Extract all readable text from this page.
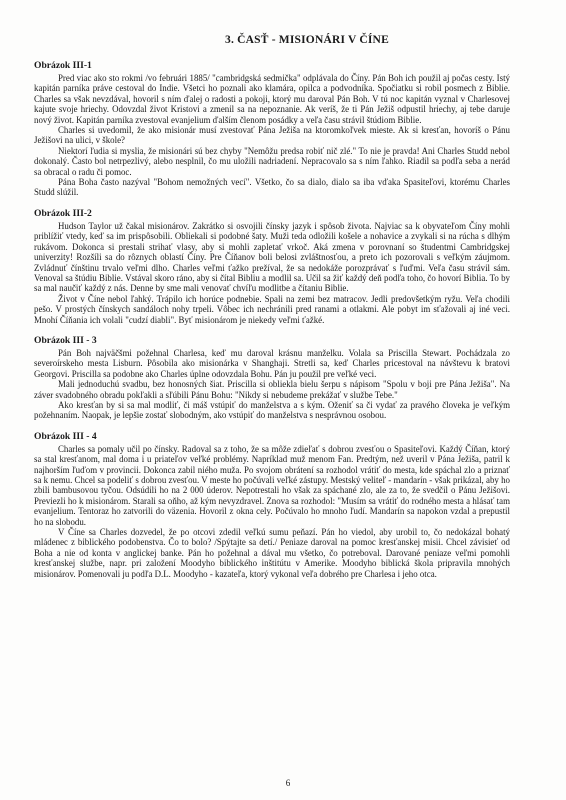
3. ČASŤ - MISIONÁRI V ČÍNE
Obrázok III-1

Pred viac ako sto rokmi /vo februári 1885/ "cambridgská sedmička" odplávala do Číny. Pán Boh ich použil aj počas cesty. Istý kapitán parníka práve cestoval do Indie. Všetci ho poznali ako klamára, opilca a podvodníka. Spočiatku si robil posmech z Biblie. Charles sa však nevzdával, hovoril s ním ďalej o radosti a pokoji, ktorý mu daroval Pán Boh. V tú noc kapitán vyznal v Charlesovej kajute svoje hriechy. Odovzdal život Kristovi a zmenil sa na nepoznanie. Ak veríš, že ti Pán Ježiš odpustil hriechy, aj tebe daruje nový život. Kapitán parníka zvestoval evanjelium ďalším členom posádky a veľa času strávil štúdiom Biblie.

Charles si uvedomil, že ako misionár musí zvestovať Pána Ježiša na ktoromkoľvek mieste. Ak si kresťan, hovoríš o Pánu Ježišovi na ulici, v škole?

Niektorí ľudia si myslia, že misionári sú bez chyby "Nemôžu predsa robiť nič zlé." To nie je pravda! Ani Charles Studd nebol dokonalý. Často bol netrpezlivý, alebo nesplnil, čo mu uložili nadriadení. Nepracovalo sa s ním ľahko. Riadil sa podľa seba a nerád sa obracal o radu či pomoc.

Pána Boha často nazýval "Bohom nemožných vecí". Všetko, čo sa dialo, dialo sa iba vďaka Spasiteľovi, ktorému Charles Studd slúžil.

Obrázok III-2

Hudson Taylor už čakal misionárov. Zakrátko si osvojili čínsky jazyk i spôsob života. Najviac sa k obyvateľom Číny mohli priblížiť vtedy, keď sa im prispôsobili. Obliekali si podobné šaty. Muži teda odložili košele a nohavice a zvykali si na rúcha s dlhým rukávom. Dokonca si prestali strihať vlasy, aby si mohli zapletať vrkoč. Aká zmena v porovnaní so študentmi Cambridgskej univerzity! Rozšíli sa do rôznych oblastí Číny. Pre Číňanov boli belosi zvláštnosťou, a preto ich pozorovali s veľkým záujmom. Zvládnuť čínštinu trvalo veľmi dlho. Charles veľmi ťažko prežíval, že sa nedokáže porozprávať s ľuďmi. Veľa času strávil sám. Venoval sa štúdiu Biblie. Vstával skoro ráno, aby si čítal Bibliu a modlil sa. Učil sa žiť každý deň podľa toho, čo hovorí Biblia. To by sa mal naučiť každý z nás. Denne by sme mali venovať chvíľu modlitbe a čítaniu Biblie.

Život v Číne nebol ľahký. Trápilo ich horúce podnebie. Spali na zemi bez matracov. Jedli predovšetkým ryžu. Veľa chodili pešo. V prostých čínskych sandáloch nohy trpeli. Vôbec ich nechránili pred ranami a otlakmi. Ale pobyt im sťažovali aj iné veci. Mnohí Číňania ich volali "cudzí diabli". Byť misionárom je niekedy veľmi ťažké.

Obrázok III - 3

Pán Boh najväčšmi požehnal Charlesa, keď mu daroval krásnu manželku. Volala sa Priscilla Stewart. Pochádzala zo severoírskeho mesta Lisburn. Pôsobila ako misionárka v Shanghaji. Stretli sa, keď Charles pricestoval na návštevu k bratovi Georgovi. Priscilla sa podobne ako Charles úplne odovzdala Bohu. Pán ju použil pre veľké veci.

Mali jednoduchú svadbu, bez honosných šiat. Priscilla si obliekla bielu šerpu s nápisom "Spolu v boji pre Pána Ježiša". Na záver svadobného obradu pokľakli a sľúbili Pánu Bohu: "Nikdy si nebudeme prekážať v službe Tebe."

Ako kresťan by si sa mal modliť, či máš vstúpiť do manželstva a s kým. Oženiť sa či vydať za pravého človeka je veľkým požehnaním. Naopak, je lepšie zostať slobodným, ako vstúpiť do manželstva s nesprávnou osobou.

Obrázok III - 4

Charles sa pomaly učil po čínsky. Radoval sa z toho, že sa môže zdieľať s dobrou zvesťou o Spasiteľovi. Každý Číňan, ktorý sa stal kresťanom, mal doma i u priateľov veľké problémy. Napríklad muž menom Fan. Predtým, než uveril v Pána Ježiša, patril k najhorším ľuďom v provincii. Dokonca zabil niého muža. Po svojom obrátení sa rozhodol vrátiť do mesta, kde spáchal zlo a priznať sa k nemu. Chcel sa podeliť s dobrou zvesťou. V meste ho počúvali veľké zástupy. Mestský veliteľ - mandarín - však prikázal, aby ho zbili bambusovou tyčou. Odsúdili ho na 2 000 úderov. Nepotrestali ho však za spáchané zlo, ale za to, že svedčil o Pánu Ježišovi. Previezli ho k misionárom. Starali sa oňho, až kým nevyzdravel. Znova sa rozhodol: "Musím sa vrátiť do rodného mesta a hlásať tam evanjelium. Tentoraz ho zatvorili do väzenia. Hovoril z okna cely. Počúvalo ho mnoho ľudí. Mandarín sa napokon vzdal a prepustil ho na slobodu.

V Číne sa Charles dozvedel, že po otcovi zdedil veľkú sumu peňazí. Pán ho viedol, aby urobil to, čo nedokázal bohatý mládenec z biblického podobenstva. Čo to bolo? /Spýtajte sa detí./ Peniaze daroval na pomoc kresťanskej misii. Chcel závisieť od Boha a nie od konta v anglickej banke. Pán ho požehnal a dával mu všetko, čo potreboval. Darované peniaze veľmi pomohli kresťanskej službe, napr. pri založení Moodyho biblického inštitútu v Amerike. Moodyho biblická škola pripravila mnohých misionárov. Pomenovali ju podľa D.L. Moodyho - kazateľa, ktorý vykonal veľa dobrého pre Charlesa i jeho otca.

6
